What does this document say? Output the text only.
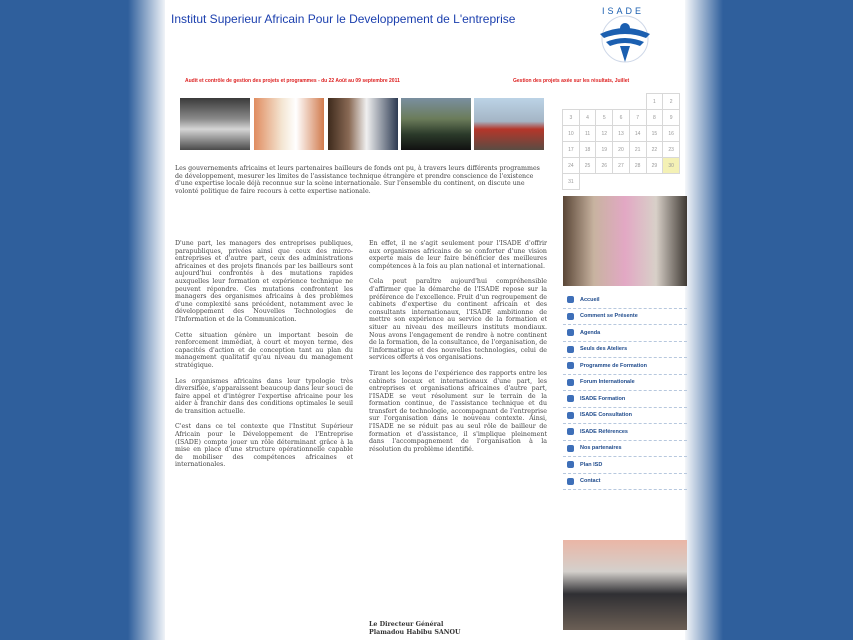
Institut Superieur Africain Pour le Developpement de L'entreprise
ISADE
Audit et contrôle de gestion des projets et programmes - du 22 Août au 09 septembre 2011	Gestion des projets axée sur les résultats, Juillet

Les gouvernements africains et leurs partenaires bailleurs de fonds ont pu, à travers leurs différents programmes de développement, mesurer les limites de l'assistance technique étrangère et prendre conscience de l'existence d'une expertise locale déjà reconnue sur la scène internationale. Sur l'ensemble du continent, on discute une volonté politique de faire recours à cette expertise nationale.

D'une part, les managers des entreprises publiques, parapubliques, privées ainsi que ceux des micro-entreprises et d'autre part, ceux des administrations africaines et des projets financés par les bailleurs sont aujourd'hui confrontés à des mutations rapides auxquelles leur formation et expérience technique ne peuvent répondre. Ces mutations confrontent les managers des organismes africains à des problèmes d'une complexité sans précédent, notamment avec le développement des Nouvelles Technologies de l'Information et de la Communication.

Cette situation génère un important besoin de renforcement immédiat, à court et moyen terme, des capacités d'action et de conception tant au plan du management qualitatif qu'au niveau du management stratégique.

Les organismes africains dans leur typologie très diversifiée, s'apparaissent beaucoup dans leur souci de faire appel et d'intégrer l'expertise africaine pour les aider à franchir dans des conditions optimales le seuil de transition actuelle.

C'est dans ce tel contexte que l'Institut Supérieur Africain pour le Développement de l'Entreprise (ISADE) compte jouer un rôle déterminant grâce à la mise en place d'une structure opérationnelle capable de mobiliser des compétences africaines et internationales.

En effet, il ne s'agit seulement pour l'ISADE d'offrir aux organismes africains de se conforter d'une vision experte mais de leur faire bénéficier des meilleures compétences à la fois au plan national et international.

Cela peut paraître aujourd'hui compréhensible d'affirmer que la démarche de l'ISADE repose sur la préférence de l'excellence. Fruit d'un regroupement de cabinets d'expertise du continent africain et des consultants internationaux, l'ISADE ambitionne de mettre son expérience au service de la formation et situer au niveau des meilleurs instituts mondiaux. Nous avons l'engagement de rendre à notre continent de la formation, de la consultance, de l'organisation, de l'informatique et des nouvelles technologies, celui de services offerts à vos organisations.

Tirant les leçons de l'expérience des rapports entre les cabinets locaux et internationaux d'une part, les entreprises et organisations africaines d'autre part, l'ISADE se veut résolument sur le terrain de la formation continue, de l'assistance technique et du transfert de technologie, accompagnant de l'entreprise sur l'organisation dans le nouveau contexte. Ainsi, l'ISADE ne se réduit pas au seul rôle de bailleur de formation et d'assistance, il s'implique pleinement dans l'accompagnement de l'organisation à la résolution du problème identifié.

Le Directeur Général
Plamadou Habibu SANOU
					1	2
3	4	5	6	7	8	9
10	11	12	13	14	15	16
17	18	19	20	21	22	23
24	25	26	27	28	29	30
31						
Accueil
Comment se Présente
Agenda
Seuls des Ateliers
Programme de Formation
Forum Internationale
ISADE Formation
ISADE Consultation
ISADE Références
Nos partenaires
Plan ISD
Contact
